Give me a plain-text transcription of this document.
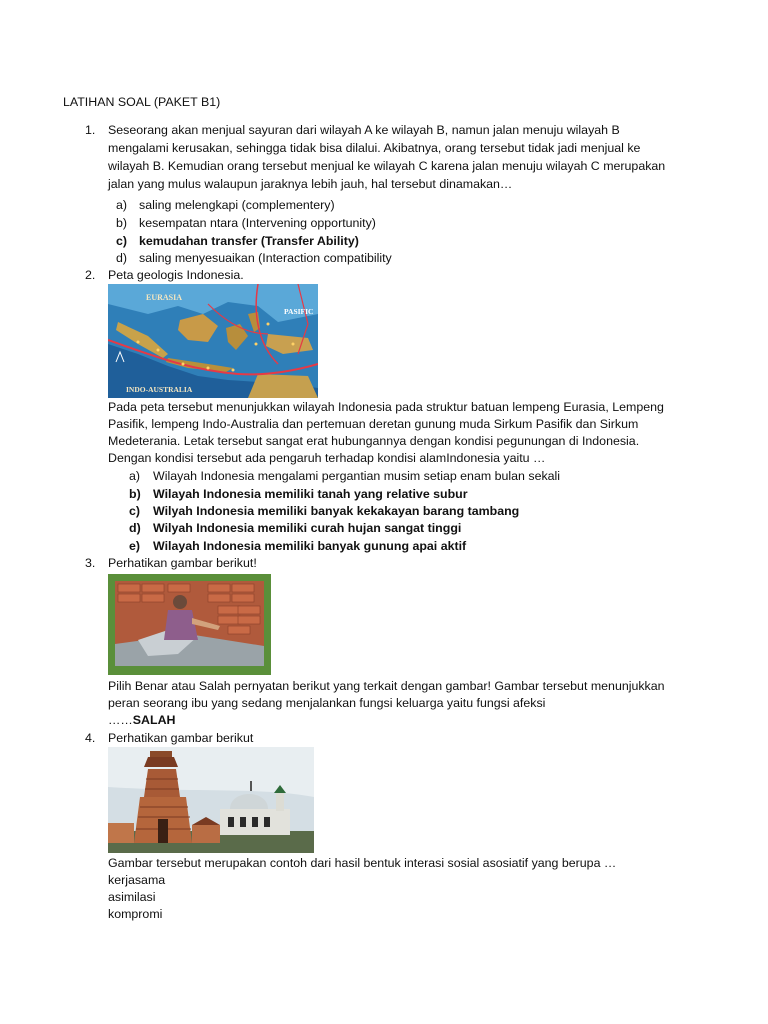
LATIHAN SOAL (PAKET B1)
1.	Seseorang akan menjual sayuran dari wilayah A ke wilayah B, namun jalan menuju wilayah B
mengalami kerusakan, sehingga tidak bisa dilalui. Akibatnya, orang tersebut tidak jadi menjual ke
wilayah B. Kemudian orang tersebut menjual ke wilayah C karena jalan menuju wilayah C merupakan
jalan yang mulus walaupun jaraknya lebih jauh, hal tersebut dinamakan…
a) saling melengkapi (complementery)
b) kesempatan ntara (Intervening opportunity)
c) kemudahan transfer (Transfer Ability)
d) saling menyesuaikan (Interaction compatibility
2.	Peta geologis Indonesia.
EURASIA
PASIFIC
INDO-AUSTRALIA
Pada peta tersebut menunjukkan wilayah Indonesia pada struktur batuan lempeng Eurasia, Lempeng
Pasifik, lempeng Indo-Australia dan pertemuan deretan gunung muda Sirkum Pasifik dan Sirkum
Medeterania. Letak tersebut sangat erat hubungannya dengan kondisi pegunungan di Indonesia.
Dengan kondisi tersebut ada pengaruh terhadap kondisi alamIndonesia yaitu …
a) Wilayah Indonesia mengalami pergantian musim setiap enam bulan sekali
b) Wilayah Indonesia memiliki tanah yang relative subur
c) Wilyah Indonesia memiliki banyak kekakayan barang tambang
d) Wilyah Indonesia memiliki curah hujan sangat tinggi
e) Wilayah Indonesia memiliki banyak gunung apai aktif
3.	Perhatikan gambar berikut!
Pilih Benar atau Salah pernyatan berikut yang terkait dengan gambar! Gambar tersebut menunjukkan
peran seorang ibu yang sedang menjalankan fungsi keluarga yaitu fungsi afeksi
……SALAH
4.	Perhatikan gambar berikut
Gambar tersebut merupakan contoh dari hasil bentuk interasi sosial asosiatif yang berupa …
kerjasama
asimilasi
kompromi
